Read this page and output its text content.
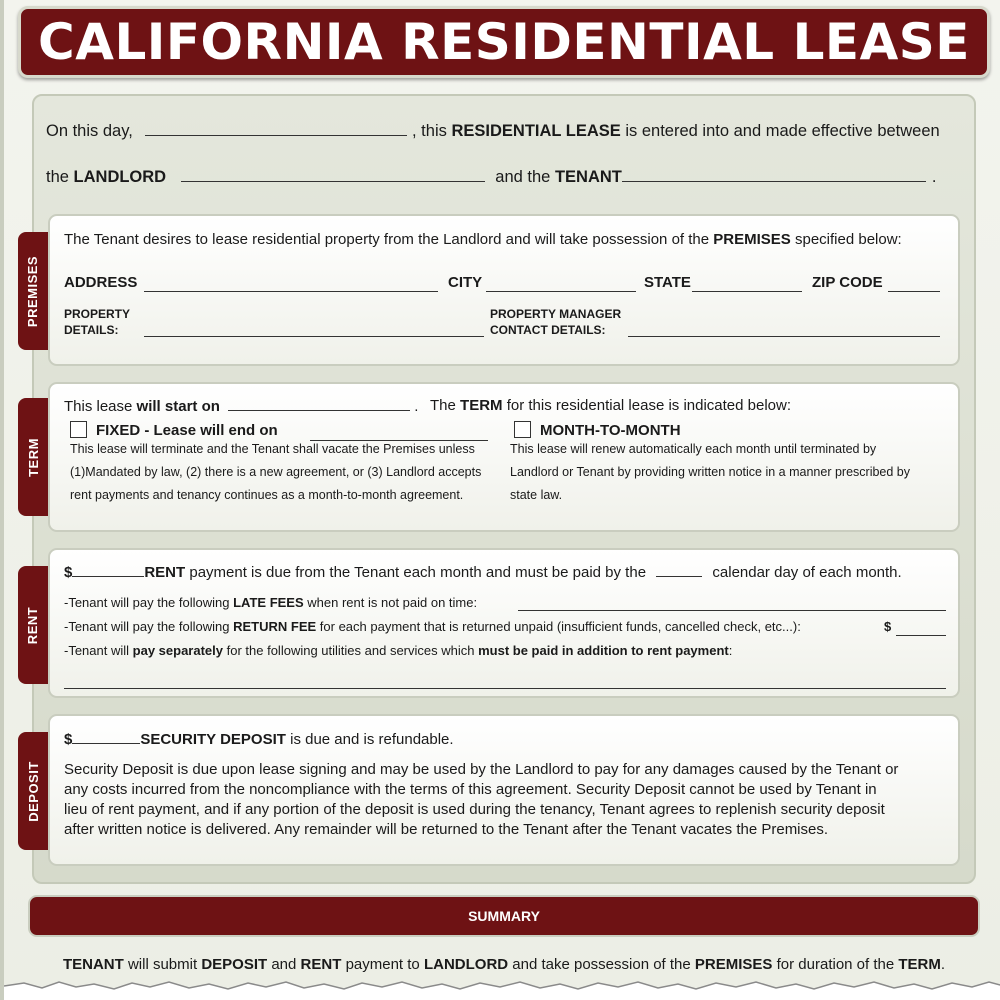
CALIFORNIA RESIDENTIAL LEASE
On this day,	, this RESIDENTIAL LEASE is entered into and made effective between
the LANDLORD	and the TENANT	.
PREMISES
The Tenant desires to lease residential property from the Landlord and will take possession of the PREMISES specified below:
ADDRESS	CITY	STATE	ZIP CODE
PROPERTY
DETAILS:
PROPERTY MANAGER
CONTACT DETAILS:
TERM
This lease will start on	. The TERM for this residential lease is indicated below:
FIXED - Lease will end on
This lease will terminate and the Tenant shall vacate the Premises unless
(1)Mandated by law, (2) there is a new agreement, or (3) Landlord accepts
rent payments and tenancy continues as a month-to-month agreement.
MONTH-TO-MONTH
This lease will renew automatically each month until terminated by
Landlord or Tenant by providing written notice in a manner prescribed by
state law.
RENT
$	RENT payment is due from the Tenant each month and must be paid by the	calendar day of each month.
-Tenant will pay the following LATE FEES when rent is not paid on time:
-Tenant will pay the following RETURN FEE for each payment that is returned unpaid (insufficient funds, cancelled check, etc...):	$
-Tenant will pay separately for the following utilities and services which must be paid in addition to rent payment:
DEPOSIT
$	SECURITY DEPOSIT is due and is refundable.
Security Deposit is due upon lease signing and may be used by the Landlord to pay for any damages caused by the Tenant or
any costs incurred from the noncompliance with the terms of this agreement. Security Deposit cannot be used by Tenant in
lieu of rent payment, and if any portion of the deposit is used during the tenancy, Tenant agrees to replenish security deposit
after written notice is delivered. Any remainder will be returned to the Tenant after the Tenant vacates the Premises.
SUMMARY
TENANT will submit DEPOSIT and RENT payment to LANDLORD and take possession of the PREMISES for duration of the TERM.
